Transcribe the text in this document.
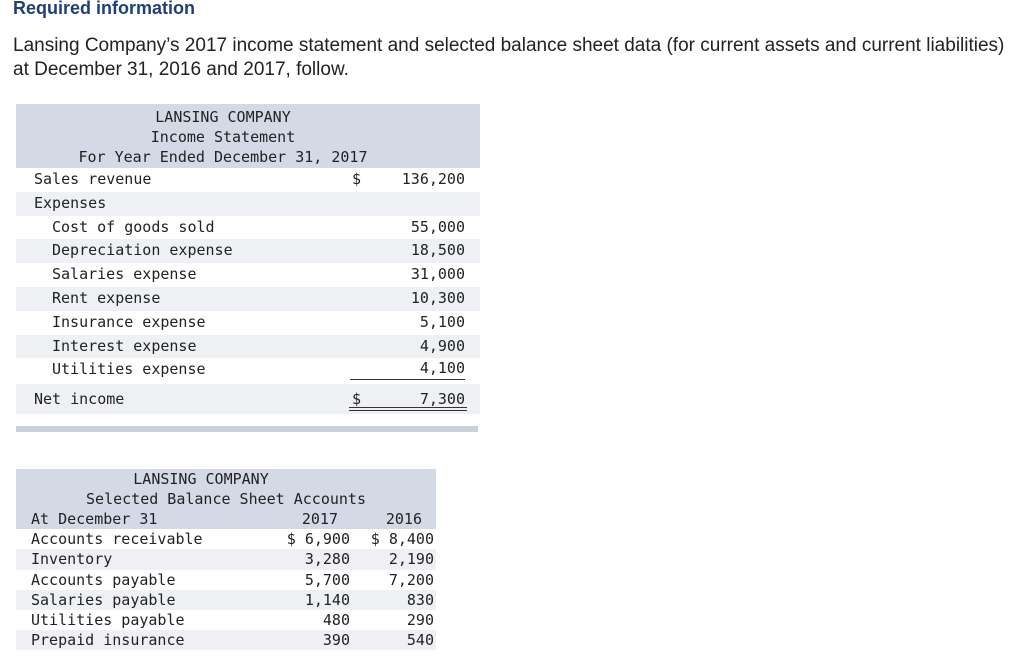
Required information
Lansing Company’s 2017 income statement and selected balance sheet data (for current assets and current liabilities) at December 31, 2016 and 2017, follow.
LANSING COMPANY
Income Statement
For Year Ended December 31, 2017
Sales revenue	$	136,200
Expenses
Cost of goods sold	55,000
Depreciation expense	18,500
Salaries expense	31,000
Rent expense	10,300
Insurance expense	5,100
Interest expense	4,900
Utilities expense	4,100
Net income	$	7,300
LANSING COMPANY
Selected Balance Sheet Accounts
At December 31	2017	2016
Accounts receivable	$ 6,900 $ 8,400
Inventory	3,280	2,190
Accounts payable	5,700	7,200
Salaries payable	1,140	830
Utilities payable	480	290
Prepaid insurance	390	540
